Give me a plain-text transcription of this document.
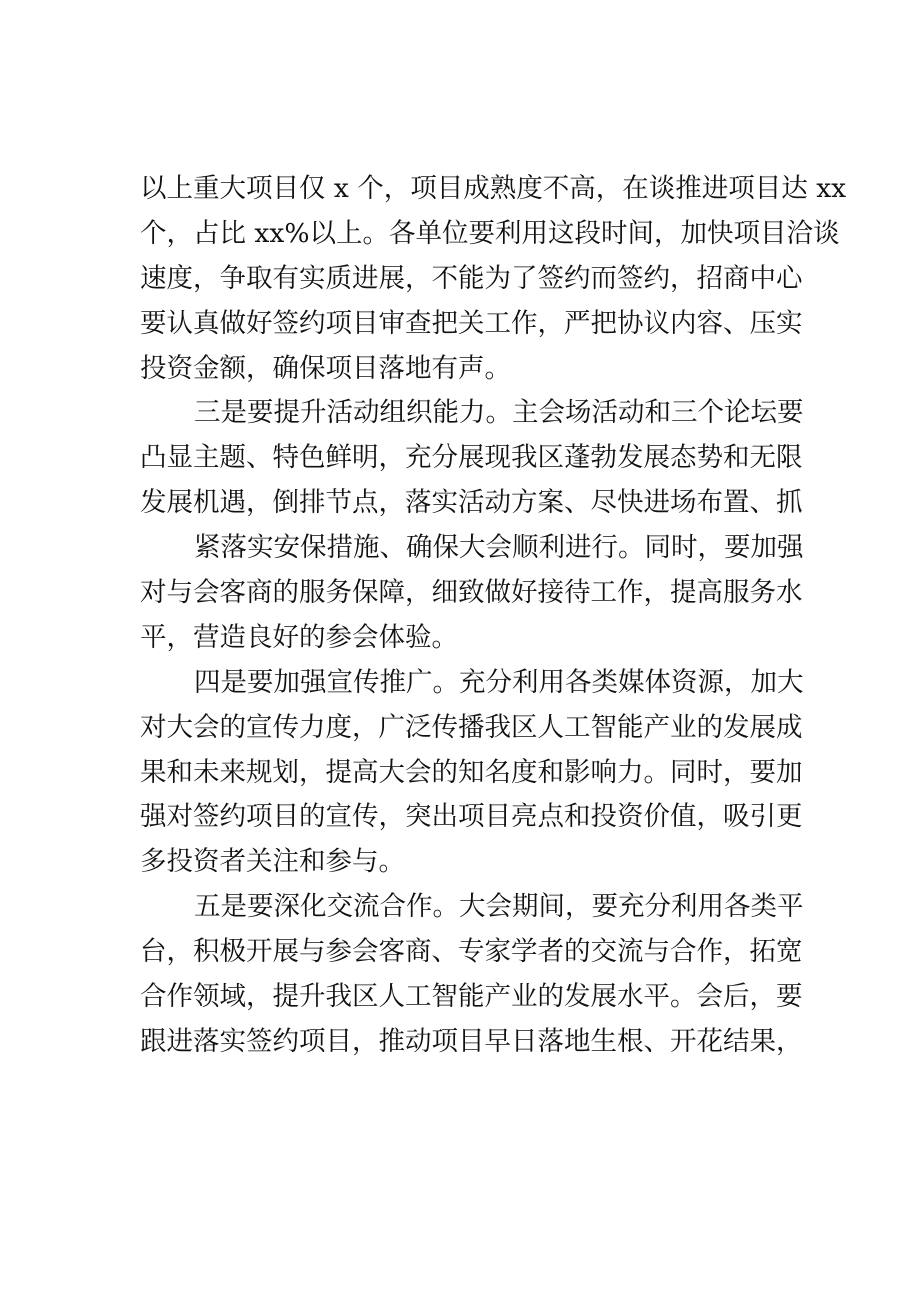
以上重大项目仅 x 个，项目成熟度不高，在谈推进项目达 xx
个，占比 xx%以上。各单位要利用这段时间，加快项目洽谈
速度，争取有实质进展，不能为了签约而签约，招商中心
要认真做好签约项目审查把关工作，严把协议内容、压实
投资金额，确保项目落地有声。
三是要提升活动组织能力。主会场活动和三个论坛要
凸显主题、特色鲜明，充分展现我区蓬勃发展态势和无限
发展机遇，倒排节点，落实活动方案、尽快进场布置、抓
紧落实安保措施、确保大会顺利进行。同时，要加强
对与会客商的服务保障，细致做好接待工作，提高服务水
平，营造良好的参会体验。
四是要加强宣传推广。充分利用各类媒体资源，加大
对大会的宣传力度，广泛传播我区人工智能产业的发展成
果和未来规划，提高大会的知名度和影响力。同时，要加
强对签约项目的宣传，突出项目亮点和投资价值，吸引更
多投资者关注和参与。
五是要深化交流合作。大会期间，要充分利用各类平
台，积极开展与参会客商、专家学者的交流与合作，拓宽
合作领域，提升我区人工智能产业的发展水平。会后，要
跟进落实签约项目，推动项目早日落地生根、开花结果，
